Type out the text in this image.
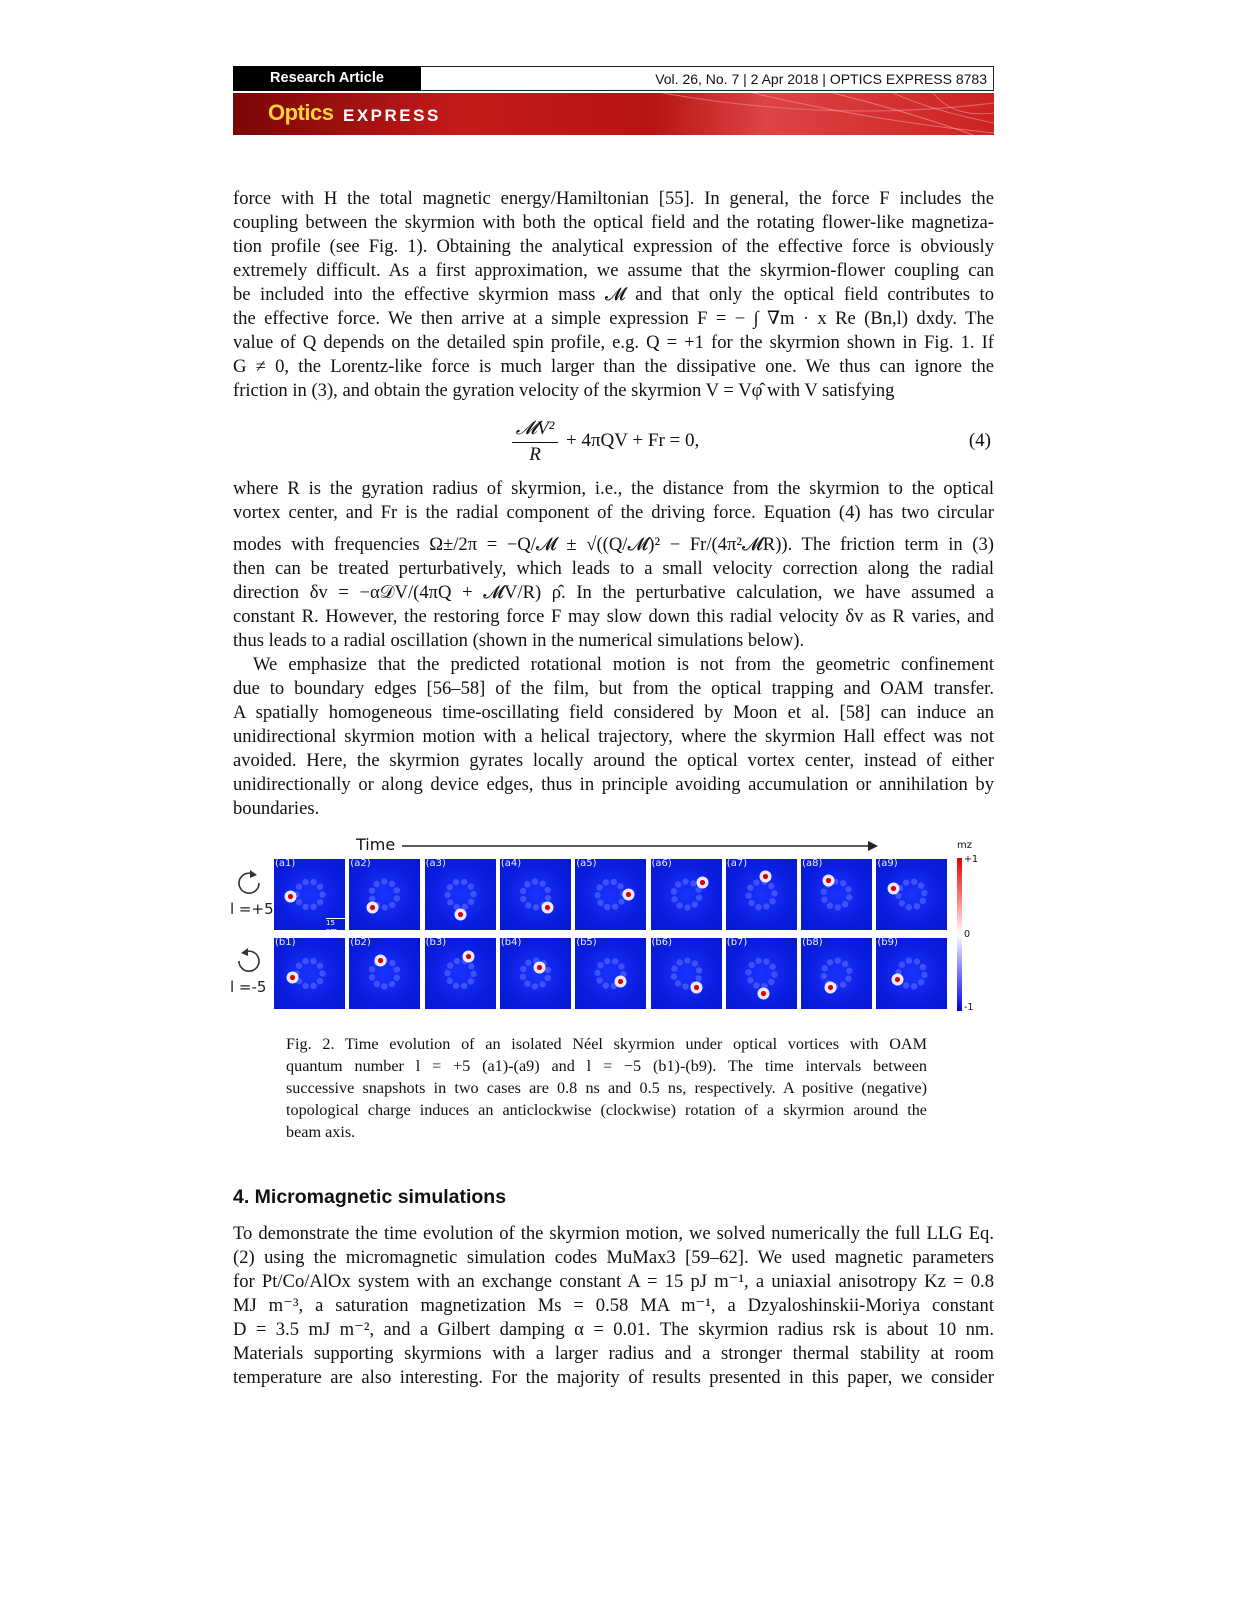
Research Article	Vol. 26, No. 7 | 2 Apr 2018 | OPTICS EXPRESS 8783
Optics EXPRESS
force with H the total magnetic energy/Hamiltonian [55]. In general, the force F includes the
coupling between the skyrmion with both the optical field and the rotating flower-like magnetiza-
tion profile (see Fig. 1). Obtaining the analytical expression of the effective force is obviously
extremely difficult. As a first approximation, we assume that the skyrmion-flower coupling can
be included into the effective skyrmion mass 𝓜 and that only the optical field contributes to
the effective force. We then arrive at a simple expression F = − ∫ ∇m · x Re (Bn,l) dxdy. The
value of Q depends on the detailed spin profile, e.g. Q = +1 for the skyrmion shown in Fig. 1. If
G ≠ 0, the Lorentz-like force is much larger than the dissipative one. We thus can ignore the
friction in (3), and obtain the gyration velocity of the skyrmion V = Vφ̂ with V satisfying
𝓜V²
R
+ 4πQV + Fr = 0,	(4)
where R is the gyration radius of skyrmion, i.e., the distance from the skyrmion to the optical
vortex center, and Fr is the radial component of the driving force. Equation (4) has two circular
modes with frequencies Ω±/2π = −Q/𝓜 ± √((Q/𝓜)² − Fr/(4π²𝓜R)). The friction term in (3)
then can be treated perturbatively, which leads to a small velocity correction along the radial
direction δv = −α𝒟V/(4πQ + 𝓜V/R) ρ̂. In the perturbative calculation, we have assumed a
constant R. However, the restoring force F may slow down this radial velocity δv as R varies, and
thus leads to a radial oscillation (shown in the numerical simulations below).
We emphasize that the predicted rotational motion is not from the geometric confinement
due to boundary edges [56–58] of the film, but from the optical trapping and OAM transfer.
A spatially homogeneous time-oscillating field considered by Moon et al. [58] can induce an
unidirectional skyrmion motion with a helical trajectory, where the skyrmion Hall effect was not
avoided. Here, the skyrmion gyrates locally around the optical vortex center, instead of either
unidirectionally or along device edges, thus in principle avoiding accumulation or annihilation by
boundaries.
Time	mz
l =+5
l =-5
(a1)
15 nm
(a2)	(a3)	(a4)	(a5)	(a6)	(a7)	(a8)	(a9)
(b1)	(b2)	(b3)	(b4)	(b5)	(b6)	(b7)	(b8)	(b9)
+1
0
-1
Fig. 2. Time evolution of an isolated Néel skyrmion under optical vortices with OAM
quantum number l = +5 (a1)-(a9) and l = −5 (b1)-(b9). The time intervals between
successive snapshots in two cases are 0.8 ns and 0.5 ns, respectively. A positive (negative)
topological charge induces an anticlockwise (clockwise) rotation of a skyrmion around the
beam axis.
4. Micromagnetic simulations
To demonstrate the time evolution of the skyrmion motion, we solved numerically the full LLG Eq.
(2) using the micromagnetic simulation codes MuMax3 [59–62]. We used magnetic parameters
for Pt/Co/AlOx system with an exchange constant A = 15 pJ m⁻¹, a uniaxial anisotropy Kz = 0.8
MJ m⁻³, a saturation magnetization Ms = 0.58 MA m⁻¹, a Dzyaloshinskii-Moriya constant
D = 3.5 mJ m⁻², and a Gilbert damping α = 0.01. The skyrmion radius rsk is about 10 nm.
Materials supporting skyrmions with a larger radius and a stronger thermal stability at room
temperature are also interesting. For the majority of results presented in this paper, we consider
